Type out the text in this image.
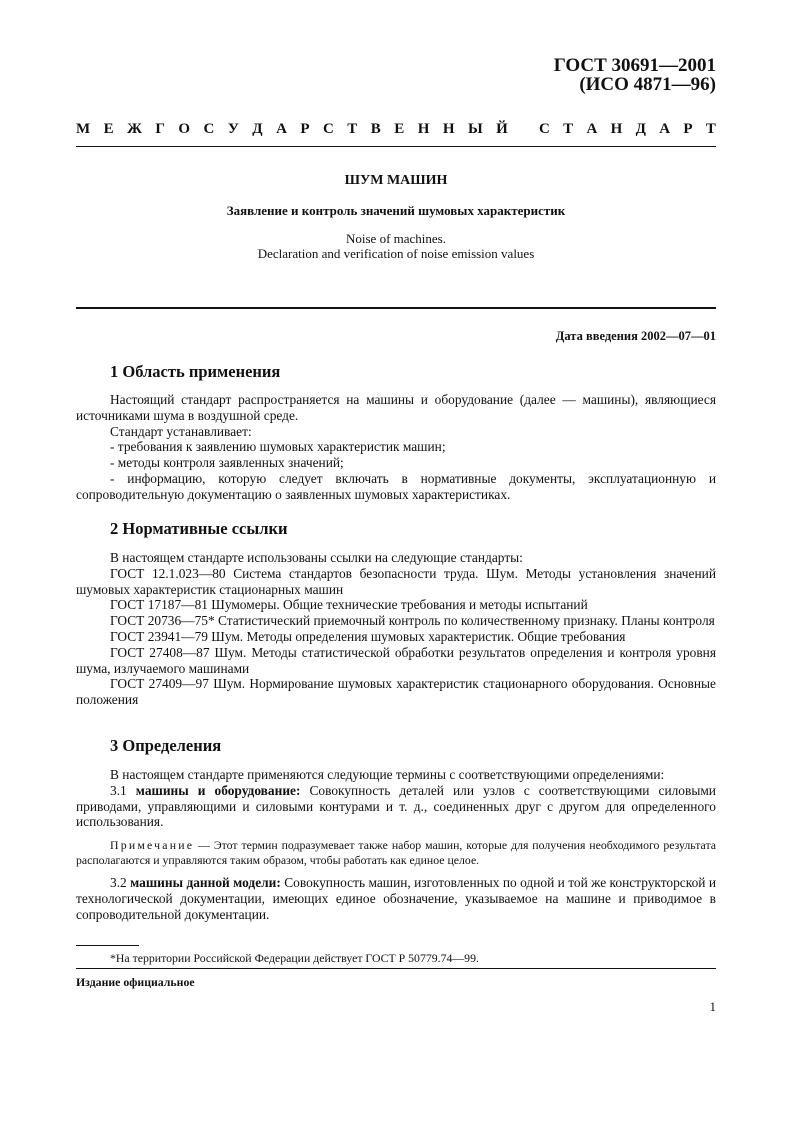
ГОСТ 30691—2001
(ИСО 4871—96)
М Е Ж Г О С У Д А Р С Т В Е Н Н Ы Й С Т А Н Д А Р Т
ШУМ МАШИН
Заявление и контроль значений шумовых характеристик
Noise of machines.
Declaration and verification of noise emission values
Дата введения 2002—07—01
1 Область применения

Настоящий стандарт распространяется на машины и оборудование (далее — машины), являющиеся источниками шума в воздушной среде.

Стандарт устанавливает:

- требования к заявлению шумовых характеристик машин;

- методы контроля заявленных значений;

- информацию, которую следует включать в нормативные документы, эксплуатационную и сопроводительную документацию о заявленных шумовых характеристиках.

2 Нормативные ссылки

В настоящем стандарте использованы ссылки на следующие стандарты:

ГОСТ 12.1.023—80 Система стандартов безопасности труда. Шум. Методы установления значений шумовых характеристик стационарных машин

ГОСТ 17187—81 Шумомеры. Общие технические требования и методы испытаний

ГОСТ 20736—75* Статистический приемочный контроль по количественному признаку. Планы контроля

ГОСТ 23941—79 Шум. Методы определения шумовых характеристик. Общие требования

ГОСТ 27408—87 Шум. Методы статистической обработки результатов определения и контроля уровня шума, излучаемого машинами

ГОСТ 27409—97 Шум. Нормирование шумовых характеристик стационарного оборудования. Основные положения

3 Определения

В настоящем стандарте применяются следующие термины с соответствующими определениями:

3.1 машины и оборудование: Совокупность деталей или узлов с соответствующими силовыми приводами, управляющими и силовыми контурами и т. д., соединенных друг с другом для определенного использования.

Примечание — Этот термин подразумевает также набор машин, которые для получения необходимого результата располагаются и управляются таким образом, чтобы работать как единое целое.

3.2 машины данной модели: Совокупность машин, изготовленных по одной и той же конструкторской и технологической документации, имеющих единое обозначение, указываемое на машине и приводимое в сопроводительной документации.

*На территории Российской Федерации действует ГОСТ Р 50779.74—99.
Издание официальное
1
